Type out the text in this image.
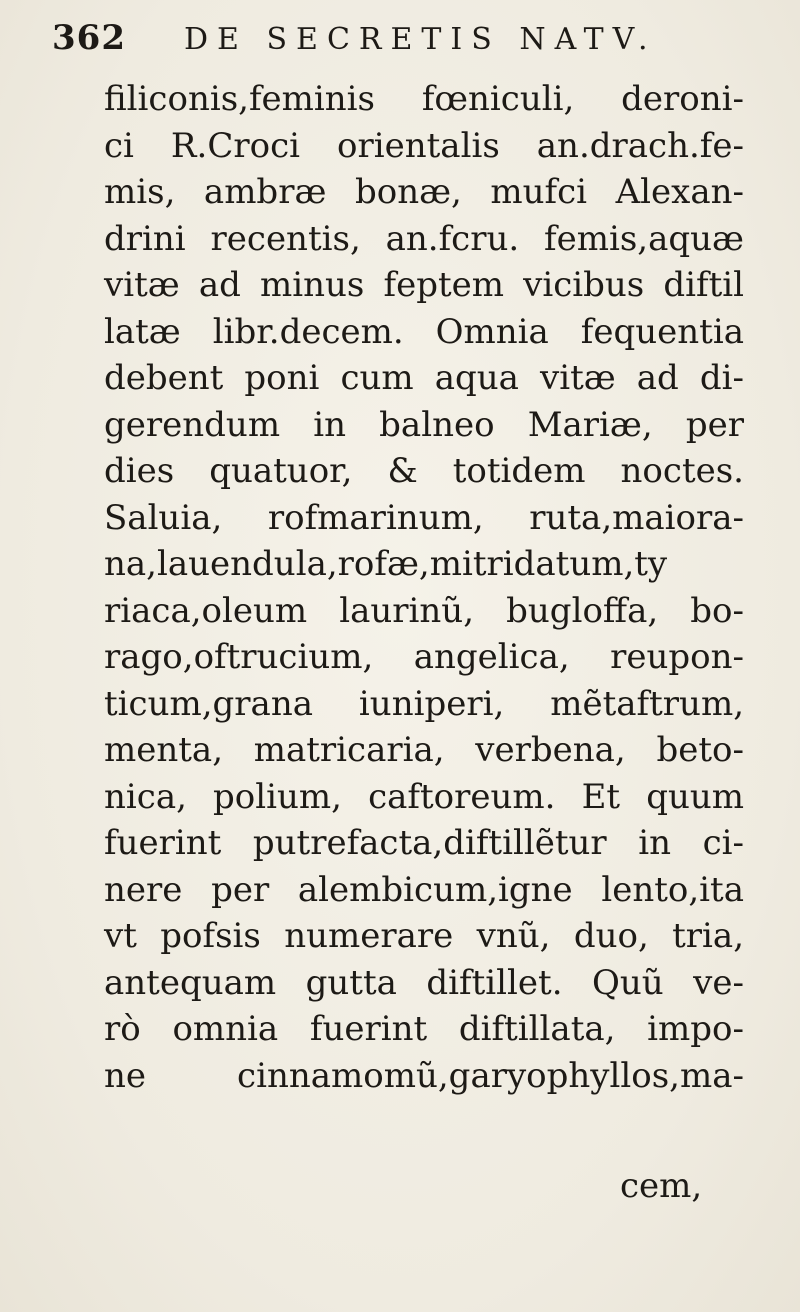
362 DE SECRETIS NATV.
filiconis,feminis fœniculi, deroni-
ci R.Croci orientalis an.drach.fe-
mis, ambræ bonæ, mufci Alexan-
drini recentis, an.fcru. femis,aquæ
vitæ ad minus feptem vicibus diftil
latæ libr.decem. Omnia fequentia
debent poni cum aqua vitæ ad di-
gerendum in balneo Mariæ, per
dies quatuor, & totidem noctes.
Saluia, rofmarinum, ruta,maiora-
na,lauendula,rofæ,mitridatum,ty
riaca,oleum laurinũ, bugloffa, bo-
rago,oftrucium, angelica, reupon-
ticum,grana iuniperi, mẽtaftrum,
menta, matricaria, verbena, beto-
nica, polium, caftoreum. Et quum
fuerint putrefacta,diftillẽtur in ci-
nere per alembicum,igne lento,ita
vt pofsis numerare vnũ, duo, tria,
antequam gutta diftillet. Quũ ve-
rò omnia fuerint diftillata, impo-
ne cinnamomũ,garyophyllos,ma-
cem,
